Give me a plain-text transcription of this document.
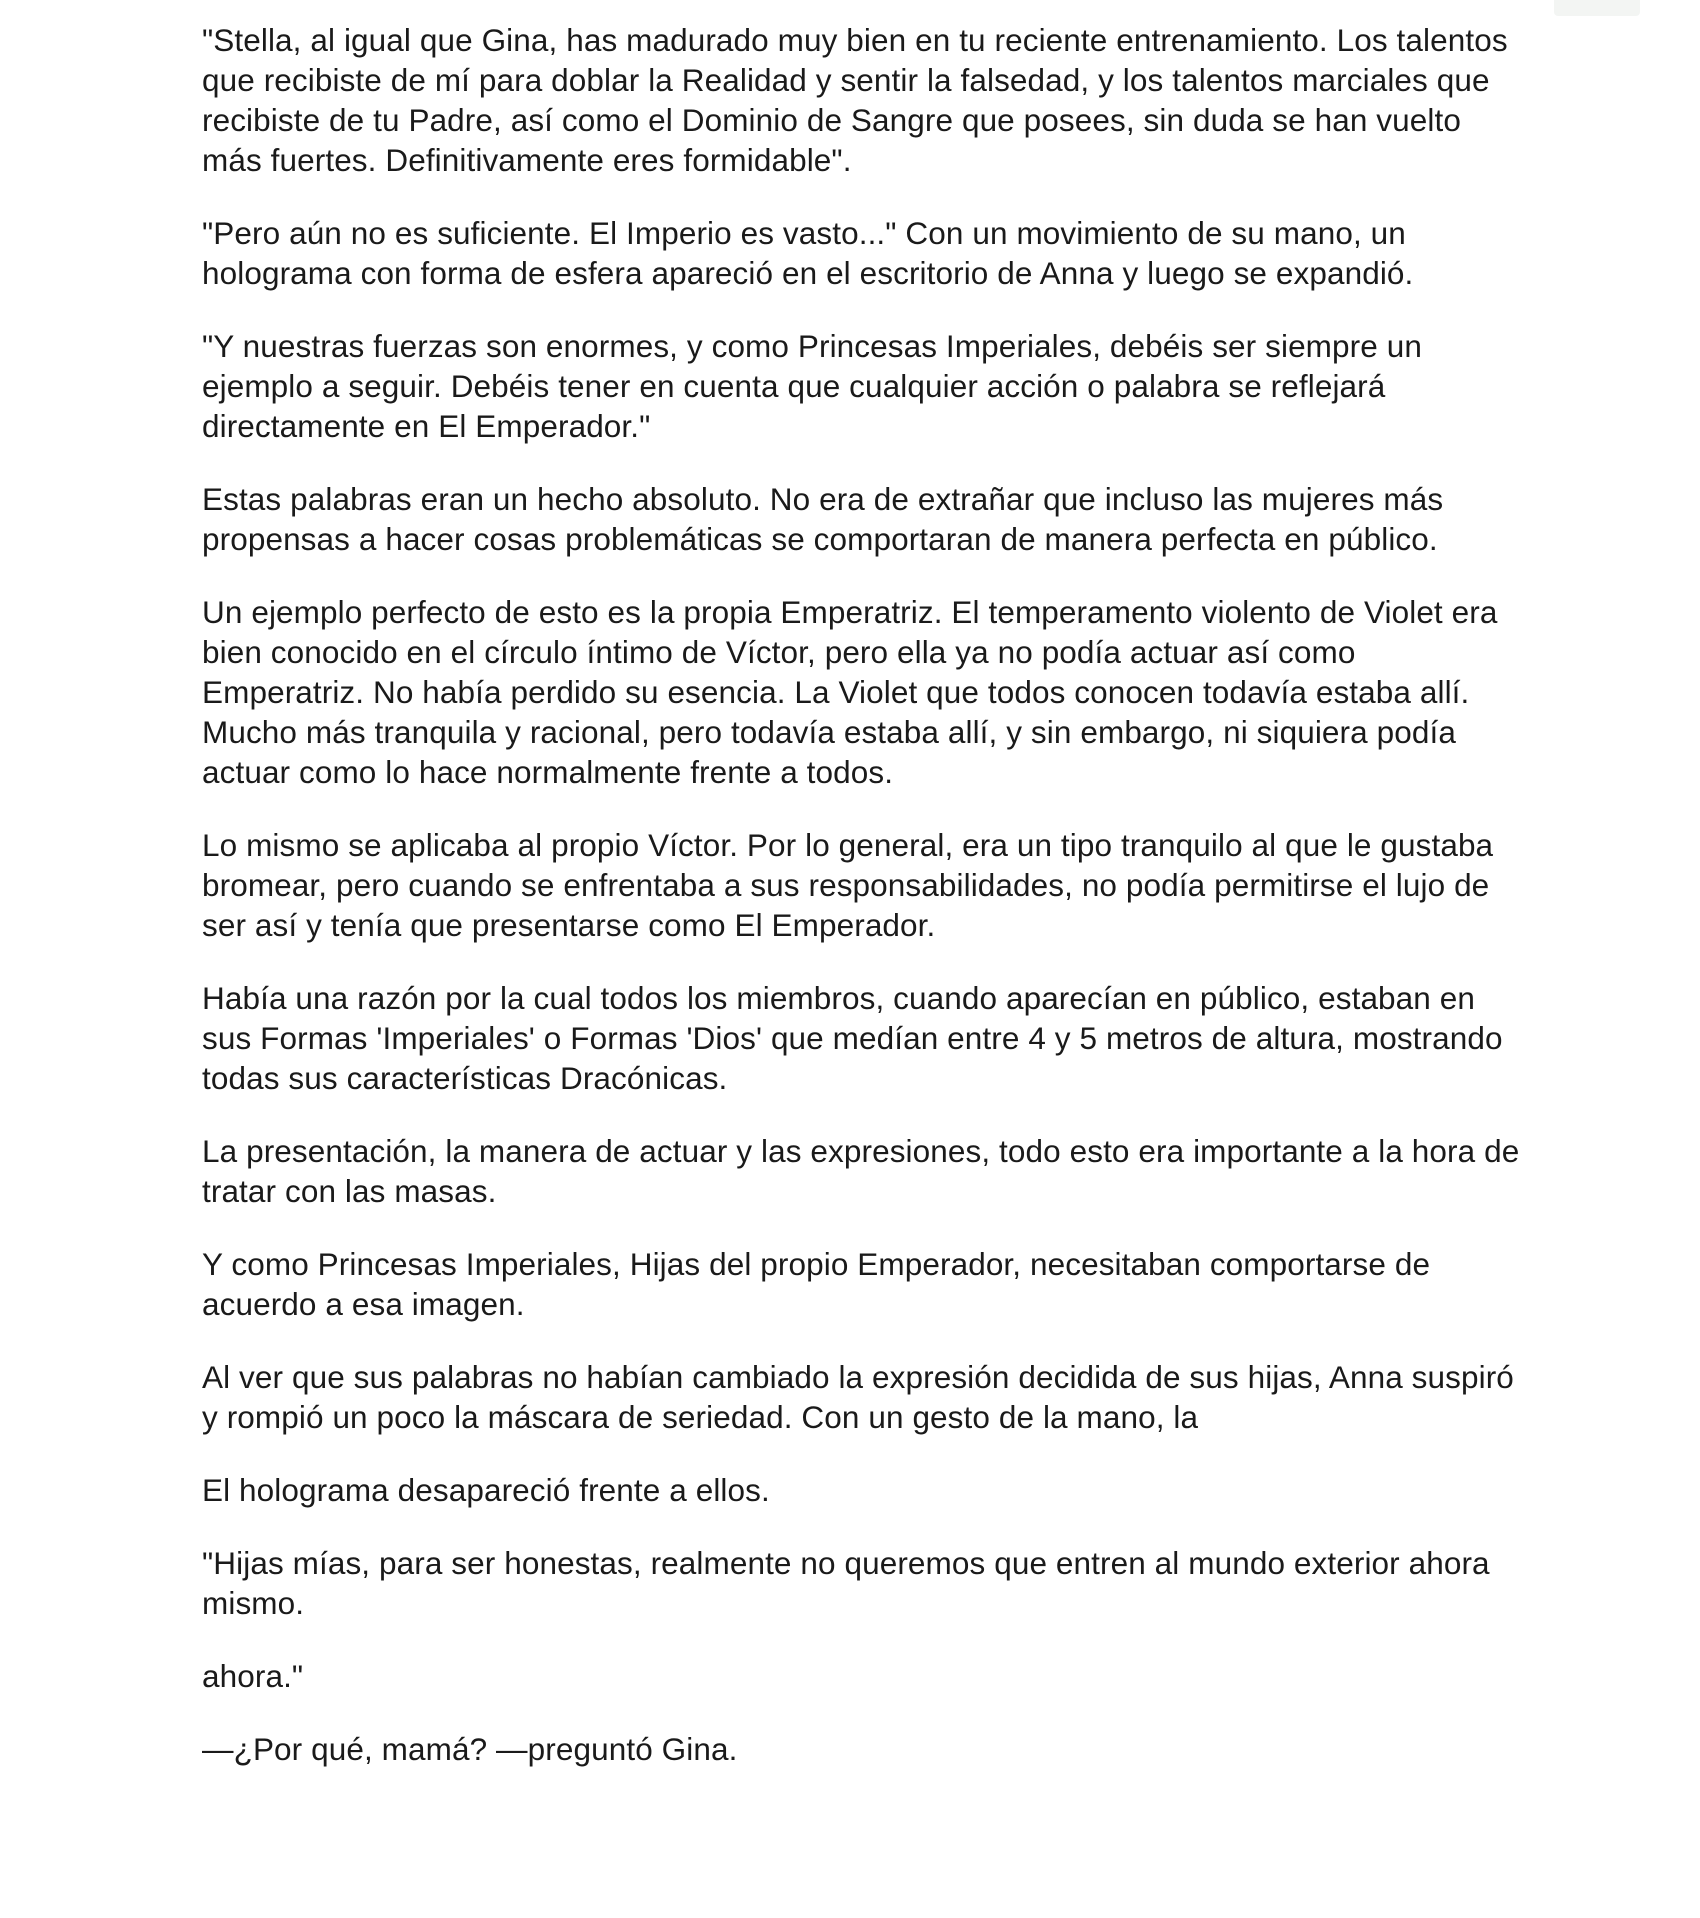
"Stella, al igual que Gina, has madurado muy bien en tu reciente entrenamiento. Los talentos que recibiste de mí para doblar la Realidad y sentir la falsedad, y los talentos marciales que recibiste de tu Padre, así como el Dominio de Sangre que posees, sin duda se han vuelto más fuertes. Definitivamente eres formidable".

"Pero aún no es suficiente. El Imperio es vasto..." Con un movimiento de su mano, un holograma con forma de esfera apareció en el escritorio de Anna y luego se expandió.

"Y nuestras fuerzas son enormes, y como Princesas Imperiales, debéis ser siempre un ejemplo a seguir. Debéis tener en cuenta que cualquier acción o palabra se reflejará directamente en El Emperador."

Estas palabras eran un hecho absoluto. No era de extrañar que incluso las mujeres más propensas a hacer cosas problemáticas se comportaran de manera perfecta en público.

Un ejemplo perfecto de esto es la propia Emperatriz. El temperamento violento de Violet era bien conocido en el círculo íntimo de Víctor, pero ella ya no podía actuar así como Emperatriz. No había perdido su esencia. La Violet que todos conocen todavía estaba allí. Mucho más tranquila y racional, pero todavía estaba allí, y sin embargo, ni siquiera podía actuar como lo hace normalmente frente a todos.

Lo mismo se aplicaba al propio Víctor. Por lo general, era un tipo tranquilo al que le gustaba bromear, pero cuando se enfrentaba a sus responsabilidades, no podía permitirse el lujo de ser así y tenía que presentarse como El Emperador.

Había una razón por la cual todos los miembros, cuando aparecían en público, estaban en sus Formas 'Imperiales' o Formas 'Dios' que medían entre 4 y 5 metros de altura, mostrando todas sus características Dracónicas.

La presentación, la manera de actuar y las expresiones, todo esto era importante a la hora de tratar con las masas.

Y como Princesas Imperiales, Hijas del propio Emperador, necesitaban comportarse de acuerdo a esa imagen.

Al ver que sus palabras no habían cambiado la expresión decidida de sus hijas, Anna suspiró y rompió un poco la máscara de seriedad. Con un gesto de la mano, la

El holograma desapareció frente a ellos.

"Hijas mías, para ser honestas, realmente no queremos que entren al mundo exterior ahora mismo.

ahora."

—¿Por qué, mamá? —preguntó Gina.
